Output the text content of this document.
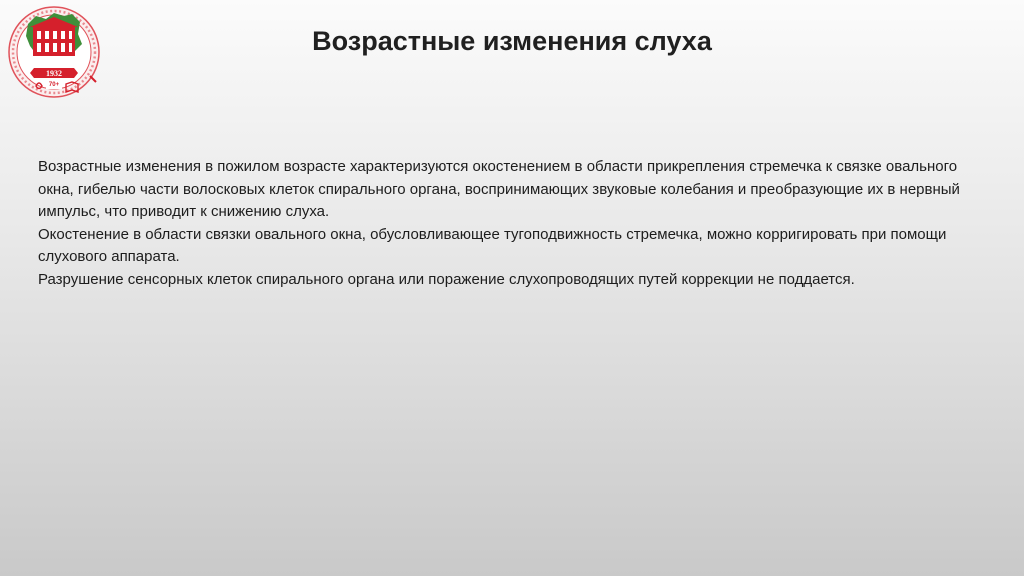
1932
70+
Возрастные изменения слуха

Возрастные изменения в пожилом возрасте характеризуются окостенением в области прикрепления стремечка к связке овального окна, гибелью части волосковых клеток спирального органа, воспринимающих звуковые колебания и преобразующие их в нервный импульс, что приводит к снижению слуха.

Окостенение в области связки овального окна, обусловливающее тугоподвижность стремечка, можно корригировать при помощи слухового аппарата.

Разрушение сенсорных клеток спирального органа или поражение слухопроводящих путей коррекции не поддается.
